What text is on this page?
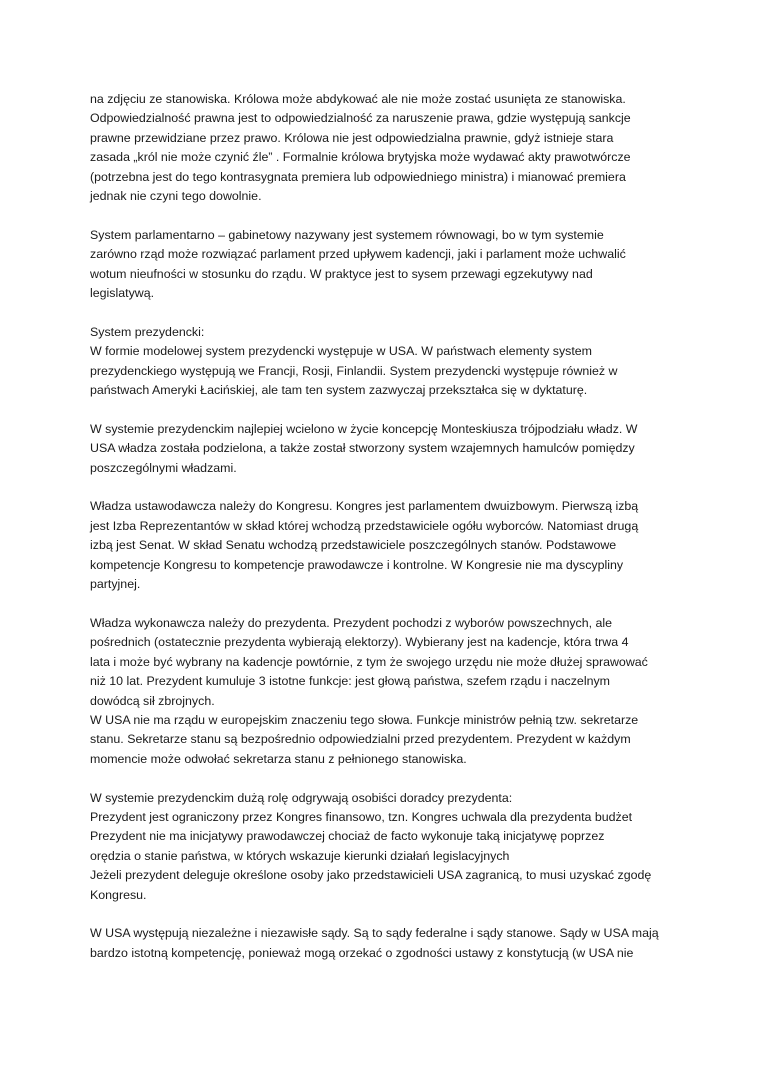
na zdjęciu ze stanowiska. Królowa może abdykować ale nie może zostać usunięta ze stanowiska.
Odpowiedzialność prawna jest to odpowiedzialność za naruszenie prawa, gdzie występują sankcje
prawne przewidziane przez prawo. Królowa nie jest odpowiedzialna prawnie, gdyż istnieje stara
zasada „król nie może czynić źle” . Formalnie królowa brytyjska może wydawać akty prawotwórcze
(potrzebna jest do tego kontrasygnata premiera lub odpowiedniego ministra) i mianować premiera
jednak nie czyni tego dowolnie.

System parlamentarno – gabinetowy nazywany jest systemem równowagi, bo w tym systemie
zarówno rząd może rozwiązać parlament przed upływem kadencji, jaki i parlament może uchwalić
wotum nieufności w stosunku do rządu. W praktyce jest to sysem przewagi egzekutywy nad
legislatywą.

System prezydencki:
W formie modelowej system prezydencki występuje w USA. W państwach elementy system
prezydenckiego występują we Francji, Rosji, Finlandii. System prezydencki występuje również w
państwach Ameryki Łacińskiej, ale tam ten system zazwyczaj przekształca się w dyktaturę.

W systemie prezydenckim najlepiej wcielono w życie koncepcję Monteskiusza trójpodziału władz. W
USA władza została podzielona, a także został stworzony system wzajemnych hamulców pomiędzy
poszczególnymi władzami.

Władza ustawodawcza należy do Kongresu. Kongres jest parlamentem dwuizbowym. Pierwszą izbą
jest Izba Reprezentantów w skład której wchodzą przedstawiciele ogółu wyborców. Natomiast drugą
izbą jest Senat. W skład Senatu wchodzą przedstawiciele poszczególnych stanów. Podstawowe
kompetencje Kongresu to kompetencje prawodawcze i kontrolne. W Kongresie nie ma dyscypliny
partyjnej.

Władza wykonawcza należy do prezydenta. Prezydent pochodzi z wyborów powszechnych, ale
pośrednich (ostatecznie prezydenta wybierają elektorzy). Wybierany jest na kadencje, która trwa 4
lata i może być wybrany na kadencje powtórnie, z tym że swojego urzędu nie może dłużej sprawować
niż 10 lat. Prezydent kumuluje 3 istotne funkcje: jest głową państwa, szefem rządu i naczelnym
dowódcą sił zbrojnych.
W USA nie ma rządu w europejskim znaczeniu tego słowa. Funkcje ministrów pełnią tzw. sekretarze
stanu. Sekretarze stanu są bezpośrednio odpowiedzialni przed prezydentem. Prezydent w każdym
momencie może odwołać sekretarza stanu z pełnionego stanowiska.

W systemie prezydenckim dużą rolę odgrywają osobiści doradcy prezydenta:
Prezydent jest ograniczony przez Kongres finansowo, tzn. Kongres uchwala dla prezydenta budżet
Prezydent nie ma inicjatywy prawodawczej chociaż de facto wykonuje taką inicjatywę poprzez
orędzia o stanie państwa, w których wskazuje kierunki działań legislacyjnych
Jeżeli prezydent deleguje określone osoby jako przedstawicieli USA zagranicą, to musi uzyskać zgodę
Kongresu.

W USA występują niezależne i niezawisłe sądy. Są to sądy federalne i sądy stanowe. Sądy w USA mają
bardzo istotną kompetencję, ponieważ mogą orzekać o zgodności ustawy z konstytucją (w USA nie
